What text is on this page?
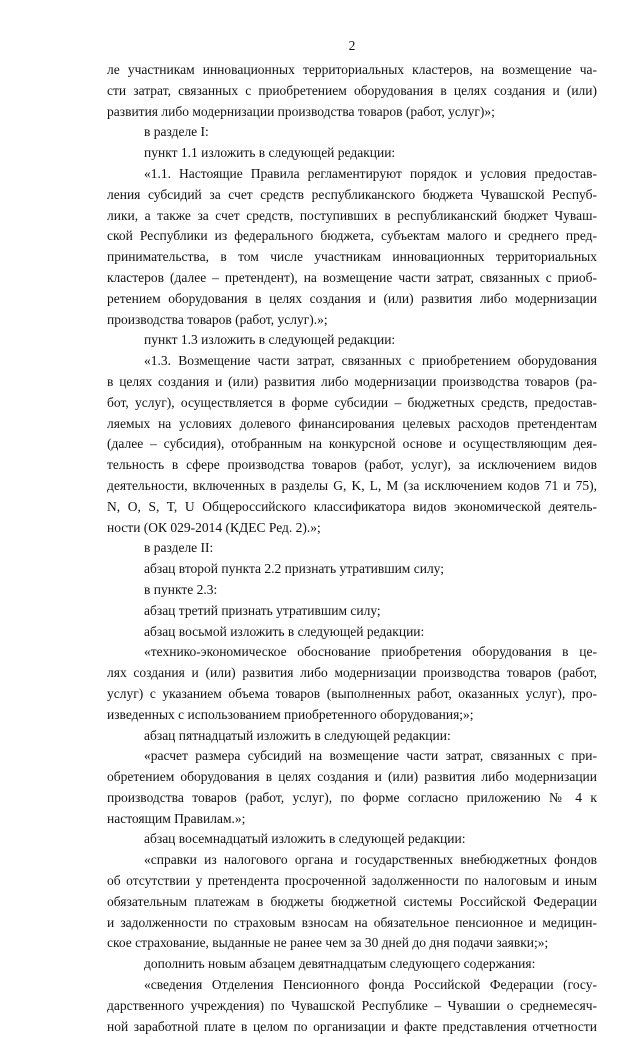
2
ле участникам инновационных территориальных кластеров, на возмещение ча-
сти затрат, связанных с приобретением оборудования в целях создания и (или)
развития либо модернизации производства товаров (работ, услуг)»;
в разделе I:
пункт 1.1 изложить в следующей редакции:
«1.1. Настоящие Правила регламентируют порядок и условия предостав-
ления субсидий за счет средств республиканского бюджета Чувашской Респуб-
лики, а также за счет средств, поступивших в республиканский бюджет Чуваш-
ской Республики из федерального бюджета, субъектам малого и среднего пред-
принимательства, в том числе участникам инновационных территориальных
кластеров (далее – претендент), на возмещение части затрат, связанных с приоб-
ретением оборудования в целях создания и (или) развития либо модернизации
производства товаров (работ, услуг).»;
пункт 1.3 изложить в следующей редакции:
«1.3. Возмещение части затрат, связанных с приобретением оборудования
в целях создания и (или) развития либо модернизации производства товаров (ра-
бот, услуг), осуществляется в форме субсидии – бюджетных средств, предостав-
ляемых на условиях долевого финансирования целевых расходов претендентам
(далее – субсидия), отобранным на конкурсной основе и осуществляющим дея-
тельность в сфере производства товаров (работ, услуг), за исключением видов
деятельности, включенных в разделы G, K, L, M (за исключением кодов 71 и 75),
N, O, S, T, U Общероссийского классификатора видов экономической деятель-
ности (ОК 029-2014 (КДЕС Ред. 2).»;
в разделе II:
абзац второй пункта 2.2 признать утратившим силу;
в пункте 2.3:
абзац третий признать утратившим силу;
абзац восьмой изложить в следующей редакции:
«технико-экономическое обоснование приобретения оборудования в це-
лях создания и (или) развития либо модернизации производства товаров (работ,
услуг) с указанием объема товаров (выполненных работ, оказанных услуг), про-
изведенных с использованием приобретенного оборудования;»;
абзац пятнадцатый изложить в следующей редакции:
«расчет размера субсидий на возмещение части затрат, связанных с при-
обретением оборудования в целях создания и (или) развития либо модернизации
производства товаров (работ, услуг), по форме согласно приложению № 4 к
настоящим Правилам.»;
абзац восемнадцатый изложить в следующей редакции:
«справки из налогового органа и государственных внебюджетных фондов
об отсутствии у претендента просроченной задолженности по налоговым и иным
обязательным платежам в бюджеты бюджетной системы Российской Федерации
и задолженности по страховым взносам на обязательное пенсионное и медицин-
ское страхование, выданные не ранее чем за 30 дней до дня подачи заявки;»;
дополнить новым абзацем девятнадцатым следующего содержания:
«сведения Отделения Пенсионного фонда Российской Федерации (госу-
дарственного учреждения) по Чувашской Республике – Чувашии о среднемесяч-
ной заработной плате в целом по организации и факте представления отчетности
